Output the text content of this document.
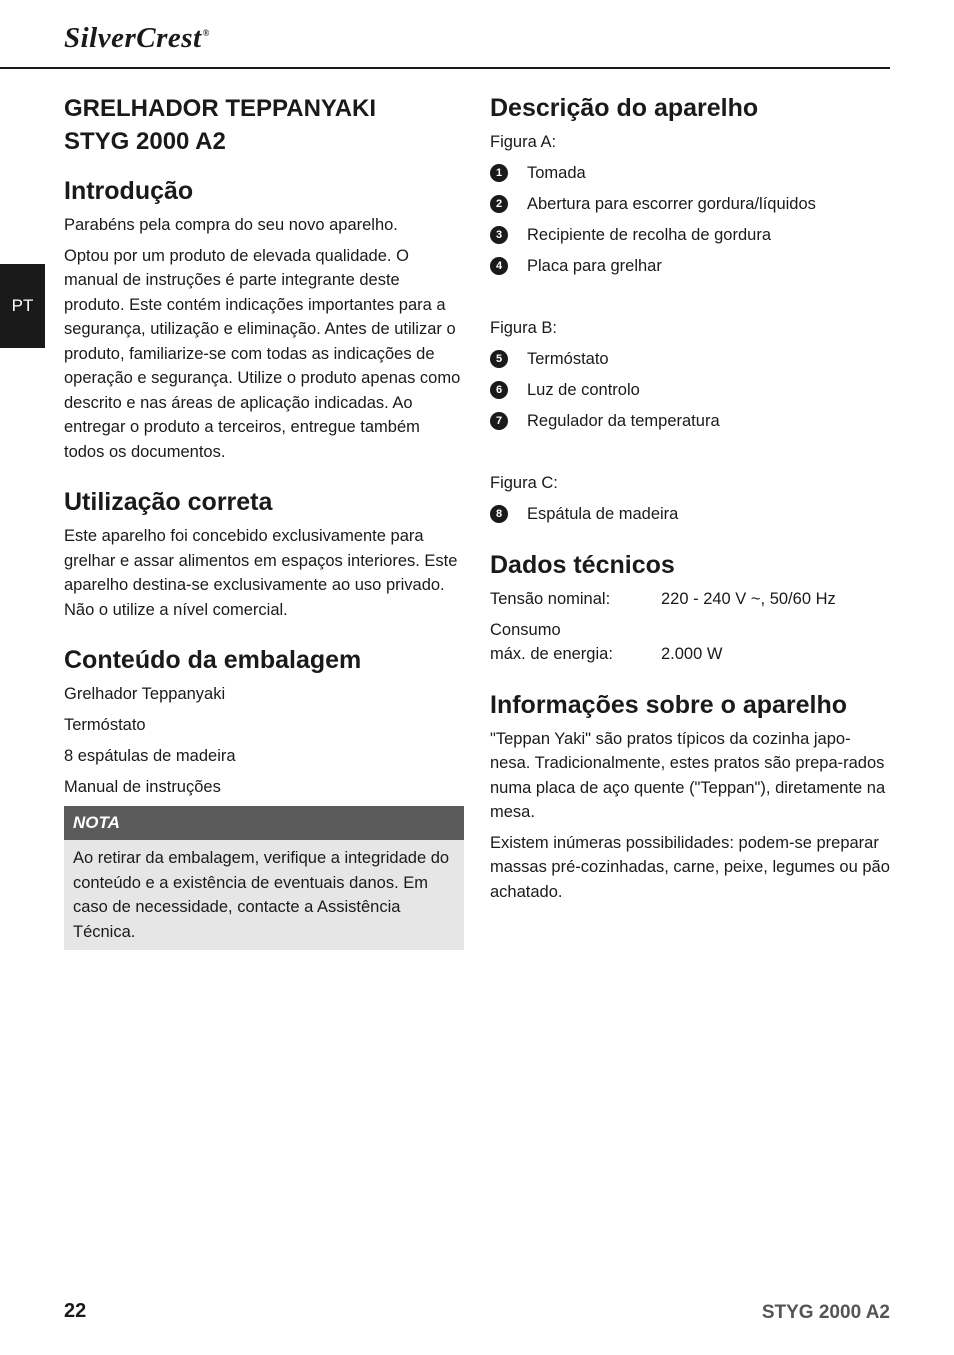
SilverCrest®
PT
GRELHADOR TEPPANYAKI
STYG 2000 A2
Introdução

Parabéns pela compra do seu novo aparelho.

Optou por um produto de elevada qualidade. O manual de instruções é parte integrante deste produto. Este contém indicações importantes para a segurança, utilização e eliminação. Antes de utilizar o produto, familiarize-se com todas as indicações de operação e segurança. Utilize o produto apenas como descrito e nas áreas de aplicação indicadas. Ao entregar o produto a terceiros, entregue também todos os documentos.

Utilização correta

Este aparelho foi concebido exclusivamente para grelhar e assar alimentos em espaços interiores. Este aparelho destina-se exclusivamente ao uso privado. Não o utilize a nível comercial.

Conteúdo da embalagem
Grelhador Teppanyaki
Termóstato
8 espátulas de madeira
Manual de instruções
NOTA
Ao retirar da embalagem, verifique a integridade do conteúdo e a existência de eventuais danos. Em caso de necessidade, contacte a Assistência Técnica.
Descrição do aparelho
Figura A:
1	Tomada
2	Abertura para escorrer gordura/líquidos
3	Recipiente de recolha de gordura
4	Placa para grelhar
Figura B:
5	Termóstato
6	Luz de controlo
7	Regulador da temperatura
Figura C:
8	Espátula de madeira
Dados técnicos
Tensão nominal:	220 - 240 V ~, 50/60 Hz
Consumo
máx. de energia:	2.000 W
Informações sobre o aparelho

"Teppan Yaki" são pratos típicos da cozinha japo-nesa. Tradicionalmente, estes pratos são prepa-rados numa placa de aço quente ("Teppan"), diretamente na mesa.

Existem inúmeras possibilidades: podem-se preparar massas pré-cozinhadas, carne, peixe, legumes ou pão achatado.

22	STYG 2000 A2
